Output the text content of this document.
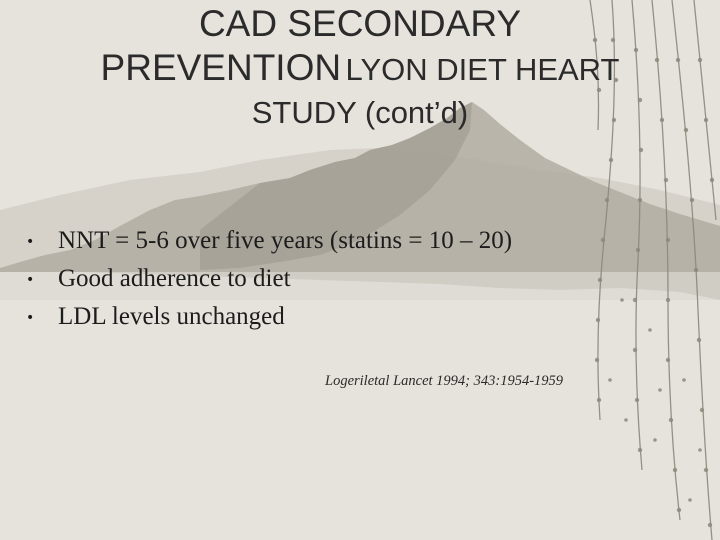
CAD SECONDARY
PREVENTION LYON DIET HEART
STUDY (cont’d)
• NNT = 5-6 over five years (statins = 10 – 20)
• Good adherence to diet
• LDL levels unchanged
Logeriletal Lancet 1994; 343:1954-1959
